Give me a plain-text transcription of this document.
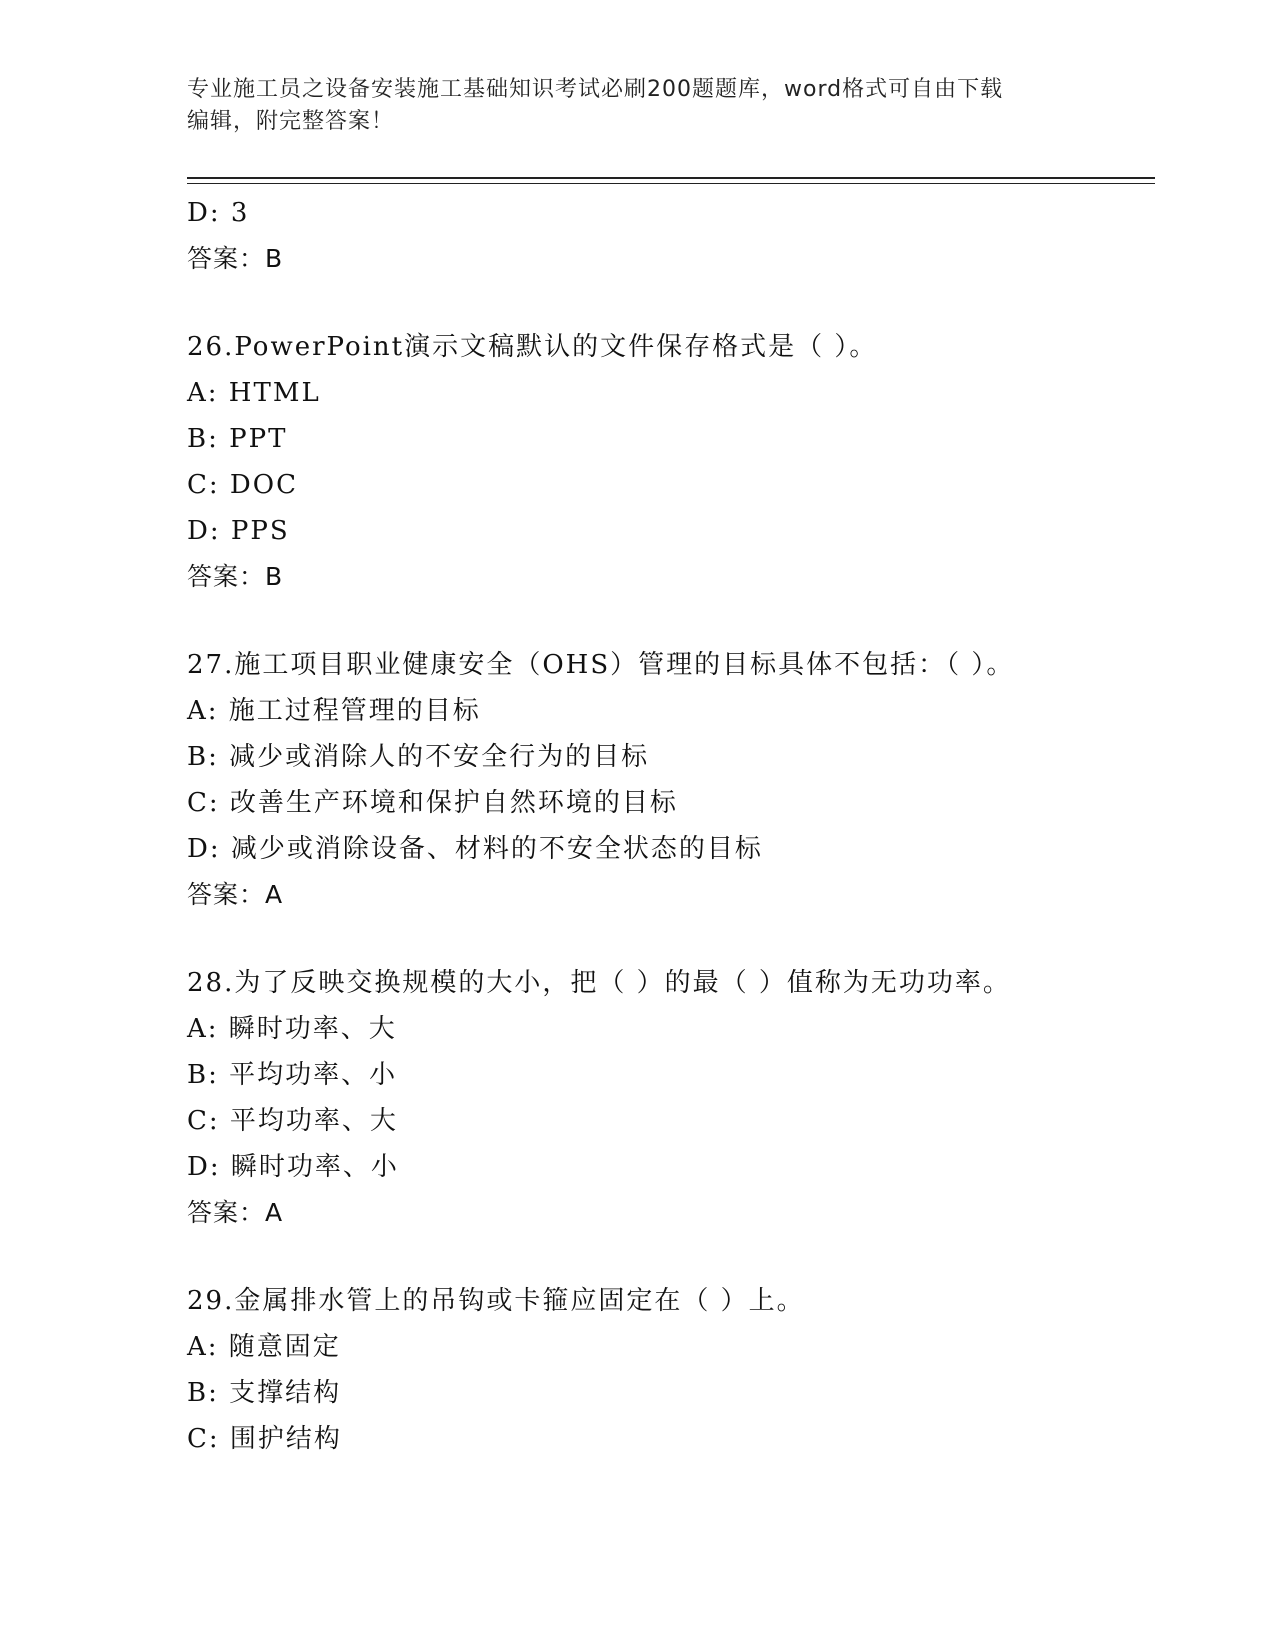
专业施工员之设备安装施工基础知识考试必刷200题题库，word格式可自由下载
编辑，附完整答案！
D: 3
答案：B
26.PowerPoint演示文稿默认的文件保存格式是（ ）。
A: HTML
B: PPT
C: DOC
D: PPS
答案：B
27.施工项目职业健康安全（OHS）管理的目标具体不包括：（ ）。
A: 施工过程管理的目标
B: 减少或消除人的不安全行为的目标
C: 改善生产环境和保护自然环境的目标
D: 减少或消除设备、材料的不安全状态的目标
答案：A
28.为了反映交换规模的大小，把（ ）的最（ ）值称为无功功率。
A: 瞬时功率、大
B: 平均功率、小
C: 平均功率、大
D: 瞬时功率、小
答案：A
29.金属排水管上的吊钩或卡箍应固定在（ ）上。
A: 随意固定
B: 支撑结构
C: 围护结构
